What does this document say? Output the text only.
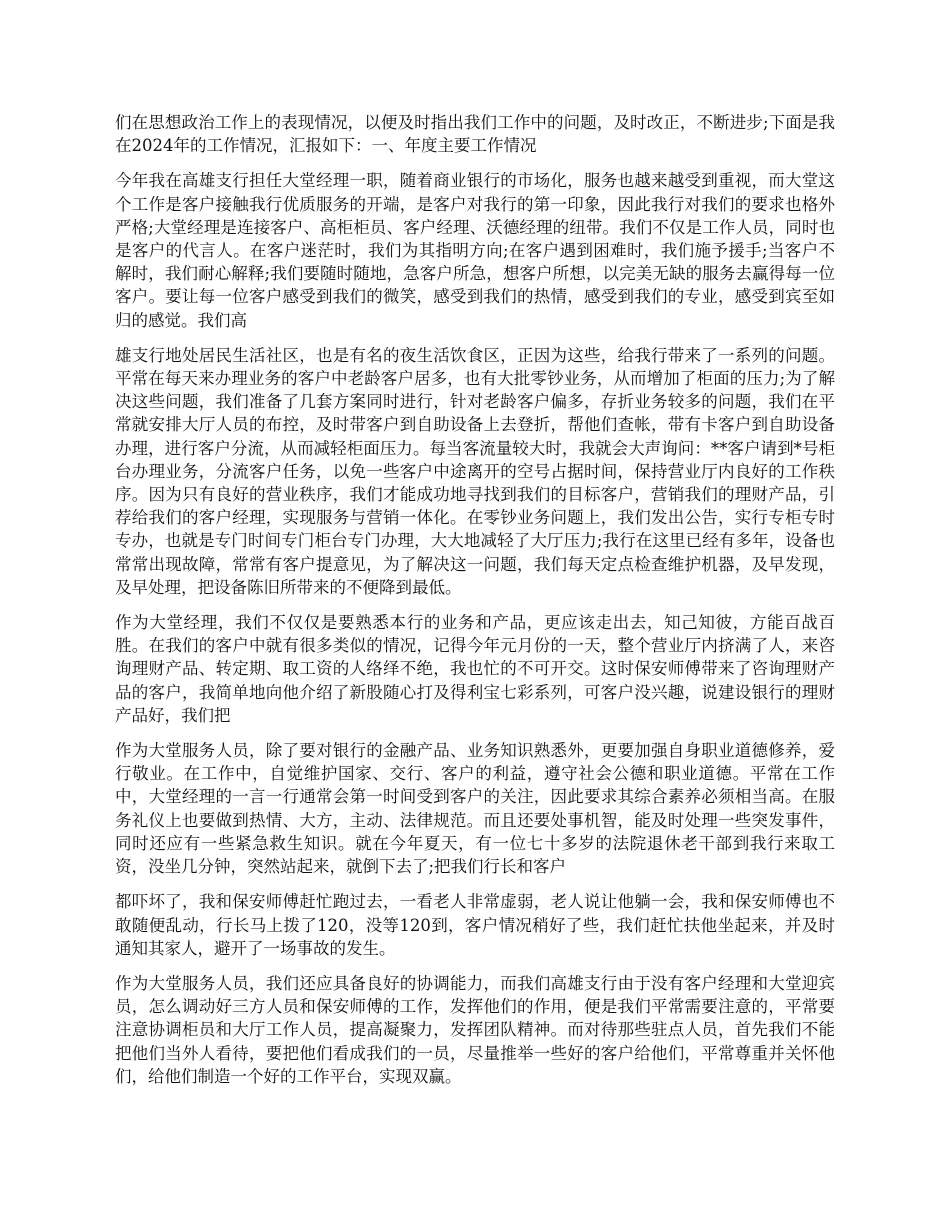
们在思想政治工作上的表现情况，以便及时指出我们工作中的问题，及时改正，不断进步;下面是我在2024年的工作情况，汇报如下：一、年度主要工作情况

今年我在高雄支行担任大堂经理一职，随着商业银行的市场化，服务也越来越受到重视，而大堂这个工作是客户接触我行优质服务的开端，是客户对我行的第一印象，因此我行对我们的要求也格外严格;大堂经理是连接客户、高柜柜员、客户经理、沃德经理的纽带。我们不仅是工作人员，同时也是客户的代言人。在客户迷茫时，我们为其指明方向;在客户遇到困难时，我们施予援手;当客户不解时，我们耐心解释;我们要随时随地，急客户所急，想客户所想，以完美无缺的服务去赢得每一位客户。要让每一位客户感受到我们的微笑，感受到我们的热情，感受到我们的专业，感受到宾至如归的感觉。我们高

雄支行地处居民生活社区，也是有名的夜生活饮食区，正因为这些，给我行带来了一系列的问题。平常在每天来办理业务的客户中老龄客户居多，也有大批零钞业务，从而增加了柜面的压力;为了解决这些问题，我们准备了几套方案同时进行，针对老龄客户偏多，存折业务较多的问题，我们在平常就安排大厅人员的布控，及时带客户到自助设备上去登折，帮他们查帐，带有卡客户到自助设备办理，进行客户分流，从而减轻柜面压力。每当客流量较大时，我就会大声询问：**客户请到*号柜台办理业务，分流客户任务，以免一些客户中途离开的空号占据时间，保持营业厅内良好的工作秩序。因为只有良好的营业秩序，我们才能成功地寻找到我们的目标客户，营销我们的理财产品，引荐给我们的客户经理，实现服务与营销一体化。在零钞业务问题上，我们发出公告，实行专柜专时专办，也就是专门时间专门柜台专门办理，大大地减轻了大厅压力;我行在这里已经有多年，设备也常常出现故障，常常有客户提意见，为了解决这一问题，我们每天定点检查维护机器，及早发现，及早处理，把设备陈旧所带来的不便降到最低。

作为大堂经理，我们不仅仅是要熟悉本行的业务和产品，更应该走出去，知己知彼，方能百战百胜。在我们的客户中就有很多类似的情况，记得今年元月份的一天，整个营业厅内挤满了人，来咨询理财产品、转定期、取工资的人络绎不绝，我也忙的不可开交。这时保安师傅带来了咨询理财产品的客户，我简单地向他介绍了新股随心打及得利宝七彩系列，可客户没兴趣，说建设银行的理财产品好，我们把

作为大堂服务人员，除了要对银行的金融产品、业务知识熟悉外，更要加强自身职业道德修养，爱行敬业。在工作中，自觉维护国家、交行、客户的利益，遵守社会公德和职业道德。平常在工作中，大堂经理的一言一行通常会第一时间受到客户的关注，因此要求其综合素养必须相当高。在服务礼仪上也要做到热情、大方，主动、法律规范。而且还要处事机智，能及时处理一些突发事件，同时还应有一些紧急救生知识。就在今年夏天，有一位七十多岁的法院退休老干部到我行来取工资，没坐几分钟，突然站起来，就倒下去了;把我们行长和客户

都吓坏了，我和保安师傅赶忙跑过去，一看老人非常虚弱，老人说让他躺一会，我和保安师傅也不敢随便乱动，行长马上拨了120，没等120到，客户情况稍好了些，我们赶忙扶他坐起来，并及时通知其家人，避开了一场事故的发生。

作为大堂服务人员，我们还应具备良好的协调能力，而我们高雄支行由于没有客户经理和大堂迎宾员，怎么调动好三方人员和保安师傅的工作，发挥他们的作用，便是我们平常需要注意的，平常要注意协调柜员和大厅工作人员，提高凝聚力，发挥团队精神。而对待那些驻点人员，首先我们不能把他们当外人看待，要把他们看成我们的一员，尽量推举一些好的客户给他们，平常尊重并关怀他们，给他们制造一个好的工作平台，实现双赢。
